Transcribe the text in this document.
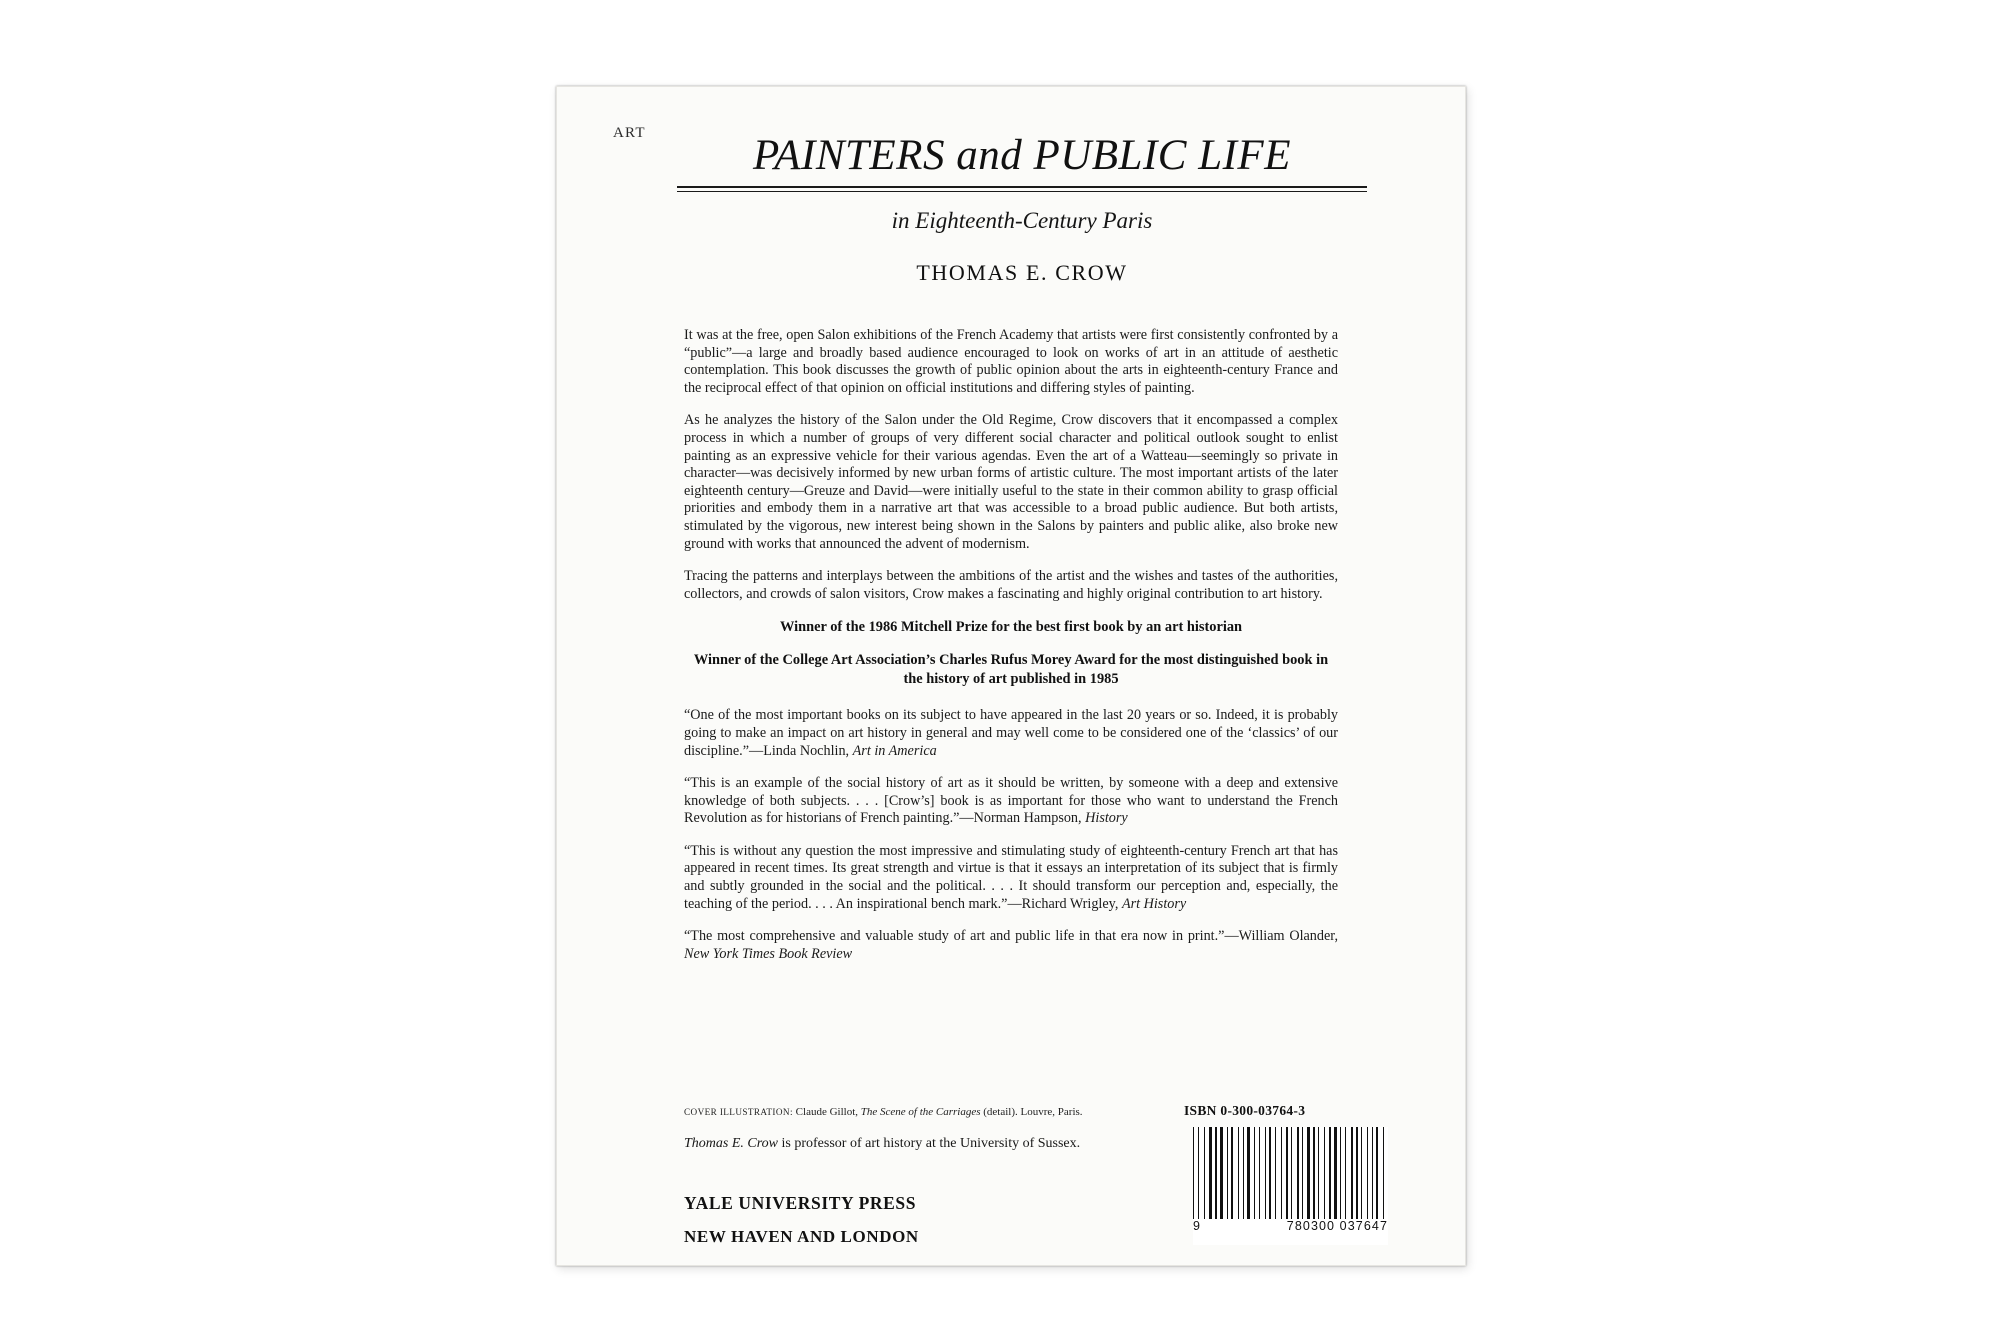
ART	PAINTERS and PUBLIC LIFE
in Eighteenth-Century Paris
THOMAS E. CROW

It was at the free, open Salon exhibitions of the French Academy that artists were first consistently confronted by a “public”—a large and broadly based audience encouraged to look on works of art in an attitude of aesthetic contemplation. This book discusses the growth of public opinion about the arts in eighteenth-century France and the reciprocal effect of that opinion on official institutions and differing styles of painting.

As he analyzes the history of the Salon under the Old Regime, Crow discovers that it encompassed a complex process in which a number of groups of very different social character and political outlook sought to enlist painting as an expressive vehicle for their various agendas. Even the art of a Watteau—seemingly so private in character—was decisively informed by new urban forms of artistic culture. The most important artists of the later eighteenth century—Greuze and David—were initially useful to the state in their common ability to grasp official priorities and embody them in a narrative art that was accessible to a broad public audience. But both artists, stimulated by the vigorous, new interest being shown in the Salons by painters and public alike, also broke new ground with works that announced the advent of modernism.

Tracing the patterns and interplays between the ambitions of the artist and the wishes and tastes of the authorities, collectors, and crowds of salon visitors, Crow makes a fascinating and highly original contribution to art history.

Winner of the 1986 Mitchell Prize for the best first book by an art historian

Winner of the College Art Association’s Charles Rufus Morey Award for the most distinguished book in the history of art published in 1985

“One of the most important books on its subject to have appeared in the last 20 years or so. Indeed, it is probably going to make an impact on art history in general and may well come to be considered one of the ‘classics’ of our discipline.”—Linda Nochlin, Art in America

“This is an example of the social history of art as it should be written, by someone with a deep and extensive knowledge of both subjects. . . . [Crow’s] book is as important for those who want to understand the French Revolution as for historians of French painting.”—Norman Hampson, History

“This is without any question the most impressive and stimulating study of eighteenth-century French art that has appeared in recent times. Its great strength and virtue is that it essays an interpretation of its subject that is firmly and subtly grounded in the social and the political. . . . It should transform our perception and, especially, the teaching of the period. . . . An inspirational bench mark.”—Richard Wrigley, Art History

“The most comprehensive and valuable study of art and public life in that era now in print.”—William Olander, New York Times Book Review

COVER ILLUSTRATION: Claude Gillot, The Scene of the Carriages (detail). Louvre, Paris.
Thomas E. Crow is professor of art history at the University of Sussex.
YALE UNIVERSITY PRESS
NEW HAVEN AND LONDON
ISBN 0-300-03764-3
9	780300 037647
